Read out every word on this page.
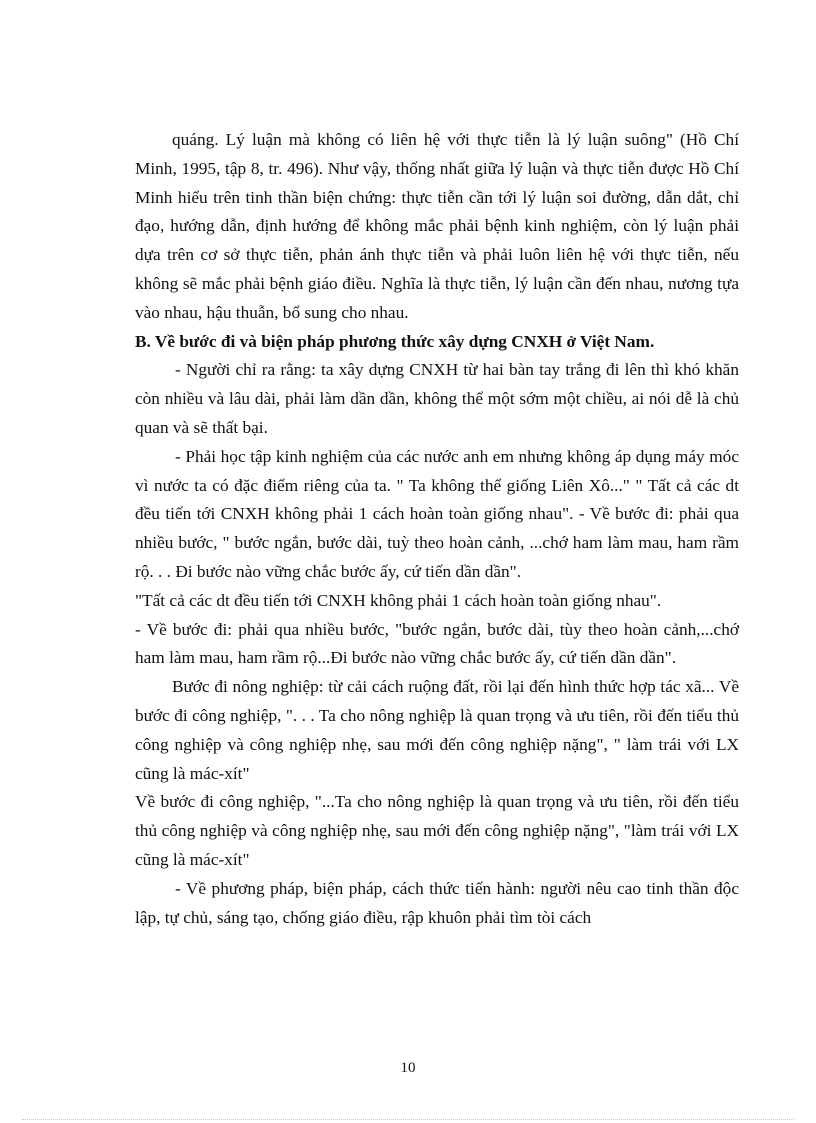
quáng. Lý luận mà không có liên hệ với thực tiễn là lý luận suông" (Hồ Chí Minh, 1995, tập 8, tr. 496). Như vậy, thống nhất giữa lý luận và thực tiễn được Hồ Chí Minh hiểu trên tinh thần biện chứng: thực tiễn cần tới lý luận soi đường, dẫn dắt, chỉ đạo, hướng dẫn, định hướng để không mắc phải bệnh kinh nghiệm, còn lý luận phải dựa trên cơ sở thực tiễn, phản ánh thực tiễn và phải luôn liên hệ với thực tiễn, nếu không sẽ mắc phải bệnh giáo điều. Nghĩa là thực tiễn, lý luận cần đến nhau, nương tựa vào nhau, hậu thuẫn, bổ sung cho nhau.

B. Về bước đi và biện pháp phương thức xây dựng CNXH ở Việt Nam.

- Người chỉ ra rằng: ta xây dựng CNXH từ hai bàn tay trắng đi lên thì khó khăn còn nhiều và lâu dài, phải làm dần dần, không thể một sớm một chiều, ai nói dễ là chủ quan và sẽ thất bại.

- Phải học tập kinh nghiệm của các nước anh em nhưng không áp dụng máy móc vì nước ta có đặc điểm riêng của ta. " Ta không thể giống Liên Xô..." " Tất cả các dt đều tiến tới CNXH không phải 1 cách hoàn toàn giống nhau". - Về bước đi: phải qua nhiều bước, " bước ngắn, bước dài, tuỳ theo hoàn cảnh, ...chớ ham làm mau, ham rầm rộ. . . Đi bước nào vững chắc bước ấy, cứ tiến dần dần".

"Tất cả các dt đều tiến tới CNXH không phải 1 cách hoàn toàn giống nhau".

- Về bước đi: phải qua nhiều bước, "bước ngắn, bước dài, tùy theo hoàn cảnh,...chớ ham làm mau, ham rầm rộ...Đi bước nào vững chắc bước ấy, cứ tiến dần dần".

Bước đi nông nghiệp: từ cải cách ruộng đất, rồi lại đến hình thức hợp tác xã... Về bước đi công nghiệp, ". . . Ta cho nông nghiệp là quan trọng và ưu tiên, rồi đến tiểu thủ công nghiệp và công nghiệp nhẹ, sau mới đến công nghiệp nặng", " làm trái với LX cũng là mác-xít"

Về bước đi công nghiệp, "...Ta cho nông nghiệp là quan trọng và ưu tiên, rồi đến tiểu thủ công nghiệp và công nghiệp nhẹ, sau mới đến công nghiệp nặng", "làm trái với LX cũng là mác-xít"

- Về phương pháp, biện pháp, cách thức tiến hành: người nêu cao tinh thần độc lập, tự chủ, sáng tạo, chống giáo điều, rập khuôn phải tìm tòi cách

10
